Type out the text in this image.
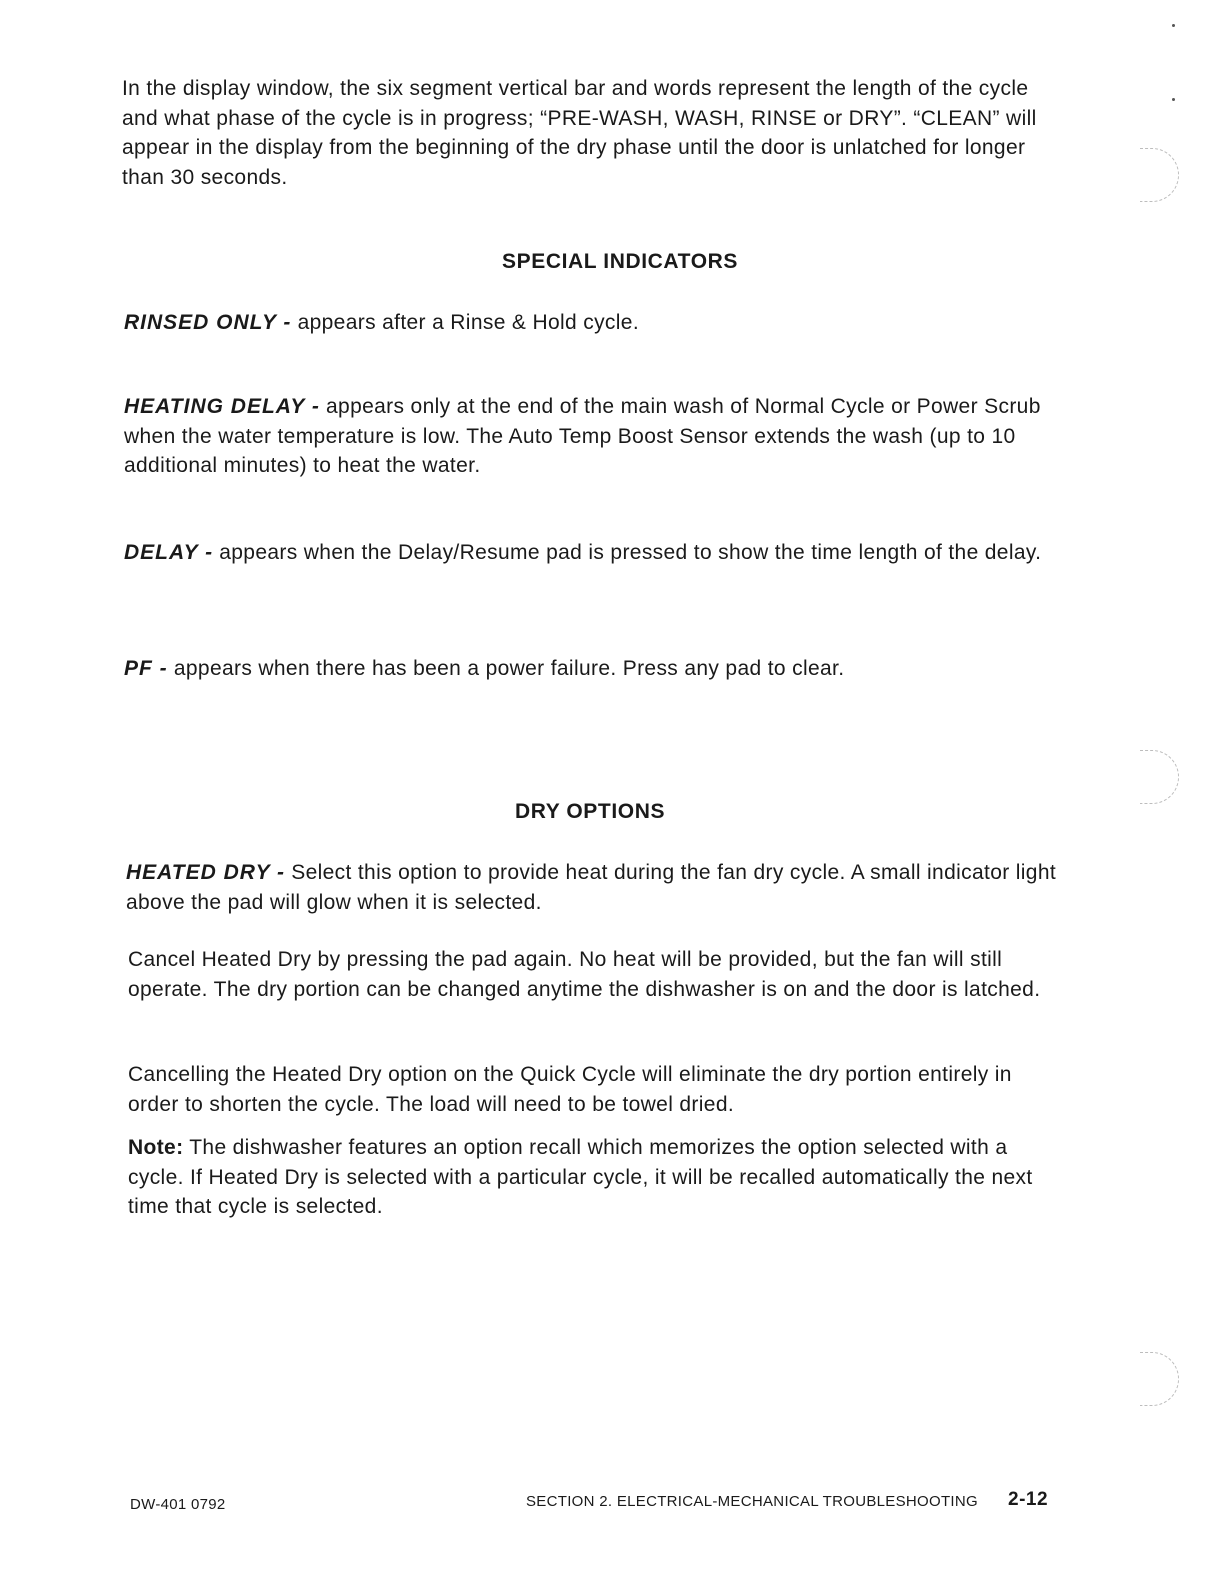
In the display window, the six segment vertical bar and words represent the length of the cycle and what phase of the cycle is in progress; “PRE-WASH, WASH, RINSE or DRY”. “CLEAN” will appear in the display from the beginning of the dry phase until the door is unlatched for longer than 30 seconds.

SPECIAL INDICATORS

RINSED ONLY - appears after a Rinse & Hold cycle.

HEATING DELAY - appears only at the end of the main wash of Normal Cycle or Power Scrub when the water temperature is low. The Auto Temp Boost Sensor extends the wash (up to 10 additional minutes) to heat the water.

DELAY - appears when the Delay/Resume pad is pressed to show the time length of the delay.

PF - appears when there has been a power failure. Press any pad to clear.

DRY OPTIONS

HEATED DRY - Select this option to provide heat during the fan dry cycle. A small indicator light above the pad will glow when it is selected.

Cancel Heated Dry by pressing the pad again. No heat will be provided, but the fan will still operate. The dry portion can be changed anytime the dishwasher is on and the door is latched.

Cancelling the Heated Dry option on the Quick Cycle will eliminate the dry portion entirely in order to shorten the cycle. The load will need to be towel dried.

Note: The dishwasher features an option recall which memorizes the option selected with a cycle. If Heated Dry is selected with a particular cycle, it will be recalled automatically the next time that cycle is selected.

DW-401 0792	SECTION 2. ELECTRICAL-MECHANICAL TROUBLESHOOTING 2-12
